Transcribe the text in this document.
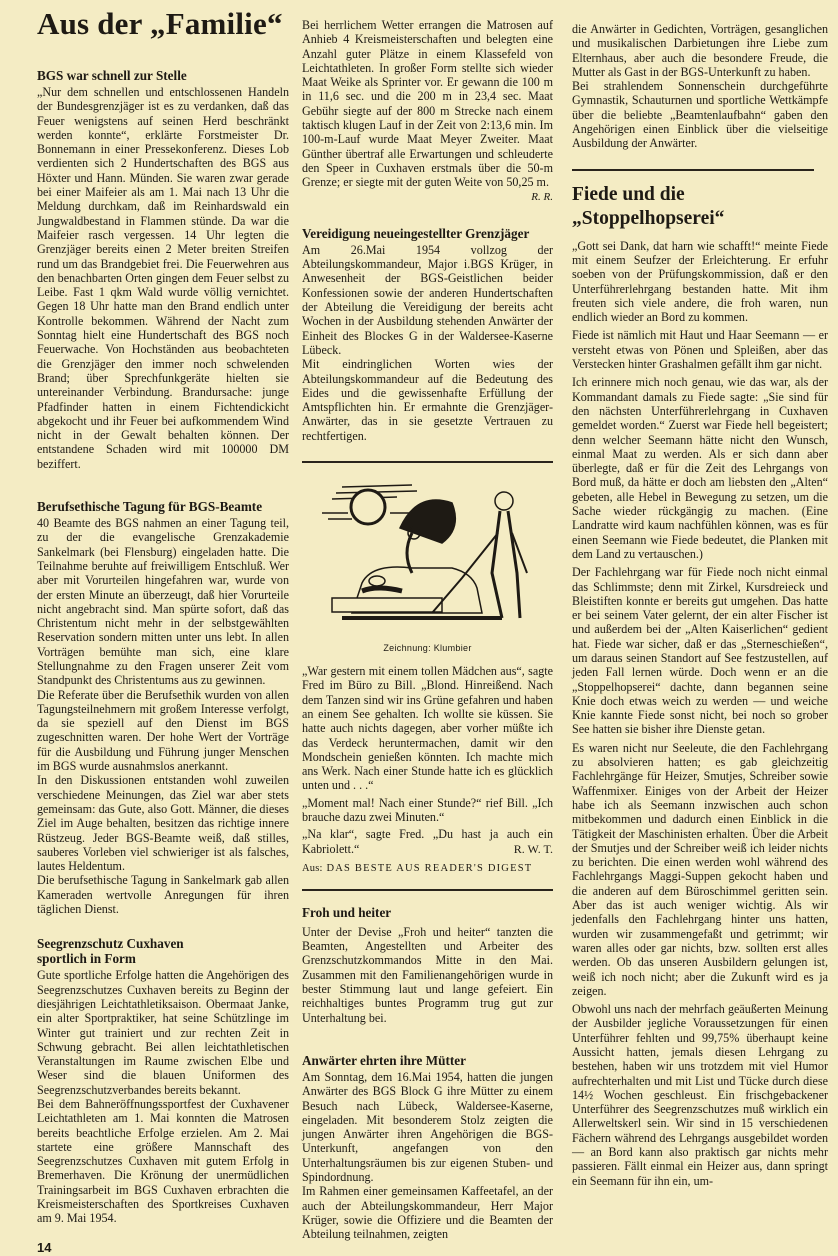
Aus der „Familie“
BGS war schnell zur Stelle

„Nur dem schnellen und entschlossenen Handeln der Bundesgrenzjäger ist es zu verdanken, daß das Feuer wenigstens auf seinen Herd beschränkt werden konnte“, erklärte Forstmeister Dr. Bonnemann in einer Pressekonferenz. Dieses Lob verdienten sich 2 Hundertschaften des BGS aus Höxter und Hann. Münden. Sie waren zwar gerade bei einer Maifeier als am 1. Mai nach 13 Uhr die Meldung durchkam, daß im Reinhardswald ein Jungwaldbestand in Flammen stünde. Da war die Maifeier rasch vergessen. 14 Uhr legten die Grenzjäger bereits einen 2 Meter breiten Streifen rund um das Brandgebiet frei. Die Feuerwehren aus den benachbarten Orten gingen dem Feuer selbst zu Leibe. Fast 1 qkm Wald wurde völlig vernichtet. Gegen 18 Uhr hatte man den Brand endlich unter Kontrolle bekommen. Während der Nacht zum Sonntag hielt eine Hundertschaft des BGS noch Feuerwache. Von Hochständen aus beobachteten die Grenzjäger den immer noch schwelenden Brand; über Sprechfunkgeräte hielten sie untereinander Verbindung. Brandursache: junge Pfadfinder hatten in einem Fichtendickicht abgekocht und ihr Feuer bei aufkommendem Wind nicht in der Gewalt behalten können. Der entstandene Schaden wird mit 100000 DM beziffert.

Berufsethische Tagung für BGS-Beamte

40 Beamte des BGS nahmen an einer Tagung teil, zu der die evangelische Grenzakademie Sankelmark (bei Flensburg) eingeladen hatte. Die Teilnahme beruhte auf freiwilligem Entschluß. Wer aber mit Vorurteilen hingefahren war, wurde von der ersten Minute an überzeugt, daß hier Vorurteile nicht angebracht sind. Man spürte sofort, daß das Christentum nicht mehr in der selbstgewählten Reservation sondern mitten unter uns lebt. In allen Vorträgen bemühte man sich, eine klare Stellungnahme zu den Fragen unserer Zeit vom Standpunkt des Christentums aus zu gewinnen.

Die Referate über die Berufsethik wurden von allen Tagungsteilnehmern mit großem Interesse verfolgt, da sie speziell auf den Dienst im BGS zugeschnitten waren. Der hohe Wert der Vorträge für die Ausbildung und Führung junger Menschen im BGS wurde ausnahmslos anerkannt.

In den Diskussionen entstanden wohl zuweilen verschiedene Meinungen, das Ziel war aber stets gemeinsam: das Gute, also Gott. Männer, die dieses Ziel im Auge behalten, besitzen das richtige innere Rüstzeug. Jeder BGS-Beamte weiß, daß stilles, sauberes Vorleben viel schwieriger ist als falsches, lautes Heldentum.

Die berufsethische Tagung in Sankelmark gab allen Kameraden wertvolle Anregungen für ihren täglichen Dienst.

Seegrenzschutz Cuxhaven
sportlich in Form

Gute sportliche Erfolge hatten die Angehörigen des Seegrenzschutzes Cuxhaven bereits zu Beginn der diesjährigen Leichtathletiksaison. Obermaat Janke, ein alter Sportpraktiker, hat seine Schützlinge im Winter gut trainiert und zur rechten Zeit in Schwung gebracht. Bei allen leichtathletischen Veranstaltungen im Raume zwischen Elbe und Weser sind die blauen Uniformen des Seegrenzschutzverbandes bereits bekannt.

Bei dem Bahneröffnungssportfest der Cuxhavener Leichtathleten am 1. Mai konnten die Matrosen bereits beachtliche Erfolge erzielen. Am 2. Mai startete eine größere Mannschaft des Seegrenzschutzes Cuxhaven mit gutem Erfolg in Bremerhaven. Die Krönung der unermüdlichen Trainingsarbeit im BGS Cuxhaven erbrachten die Kreismeisterschaften des Sportkreises Cuxhaven am 9. Mai 1954.

14

Bei herrlichem Wetter errangen die Matrosen auf Anhieb 4 Kreismeisterschaften und belegten eine Anzahl guter Plätze in einem Klassefeld von Leichtathleten. In großer Form stellte sich wieder Maat Weike als Sprinter vor. Er gewann die 100 m in 11,6 sec. und die 200 m in 23,4 sec. Maat Gebühr siegte auf der 800 m Strecke nach einem taktisch klugen Lauf in der Zeit von 2:13,6 min. Im 100-m-Lauf wurde Maat Meyer Zweiter. Maat Günther übertraf alle Erwartungen und schleuderte den Speer in Cuxhaven erstmals über die 50-m Grenze; er siegte mit der guten Weite von 50,25 m.
R. R.

Vereidigung neueingestellter Grenzjäger

Am 26.Mai 1954 vollzog der Abteilungskommandeur, Major i.BGS Krüger, in Anwesenheit der BGS-Geistlichen beider Konfessionen sowie der anderen Hundertschaften der Abteilung die Vereidigung der bereits acht Wochen in der Ausbildung stehenden Anwärter der Einheit des Blockes G in der Waldersee-Kaserne Lübeck.

Mit eindringlichen Worten wies der Abteilungskommandeur auf die Bedeutung des Eides und die gewissenhafte Erfüllung der Amtspflichten hin. Er ermahnte die Grenzjäger-Anwärter, das in sie gesetzte Vertrauen zu rechtfertigen.

Zeichnung: Klumbier

„War gestern mit einem tollen Mädchen aus“, sagte Fred im Büro zu Bill. „Blond. Hinreißend. Nach dem Tanzen sind wir ins Grüne gefahren und haben an einem See gehalten. Ich wollte sie küssen. Sie hatte auch nichts dagegen, aber vorher müßte ich das Verdeck heruntermachen, damit wir den Mondschein genießen könnten. Ich machte mich ans Werk. Nach einer Stunde hatte ich es glücklich unten und . . .“

„Moment mal! Nach einer Stunde?“ rief Bill. „Ich brauche dazu zwei Minuten.“

„Na klar“, sagte Fred. „Du hast ja auch ein Kabriolett.“	R. W. T.

Aus: DAS BESTE AUS READER'S DIGEST
Froh und heiter

Unter der Devise „Froh und heiter“ tanzten die Beamten, Angestellten und Arbeiter des Grenzschutzkommandos Mitte in den Mai. Zusammen mit den Familienangehörigen wurde in bester Stimmung laut und lange gefeiert. Ein reichhaltiges buntes Programm trug gut zur Unterhaltung bei.

Anwärter ehrten ihre Mütter

Am Sonntag, dem 16.Mai 1954, hatten die jungen Anwärter des BGS Block G ihre Mütter zu einem Besuch nach Lübeck, Waldersee-Kaserne, eingeladen. Mit besonderem Stolz zeigten die jungen Anwärter ihren Angehörigen die BGS-Unterkunft, angefangen von den Unterhaltungsräumen bis zur eigenen Stuben- und Spindordnung.

Im Rahmen einer gemeinsamen Kaffeetafel, an der auch der Abteilungskommandeur, Herr Major Krüger, sowie die Offiziere und die Beamten der Abteilung teilnahmen, zeigten

die Anwärter in Gedichten, Vorträgen, gesanglichen und musikalischen Darbietungen ihre Liebe zum Elternhaus, aber auch die besondere Freude, die Mutter als Gast in der BGS-Unterkunft zu haben.

Bei strahlendem Sonnenschein durchgeführte Gymnastik, Schauturnen und sportliche Wettkämpfe über die beliebte „Beamtenlaufbahn“ gaben den Angehörigen einen Einblick über die vielseitige Ausbildung der Anwärter.

Fiede und die
„Stoppelhopserei“

„Gott sei Dank, dat harn wie schafft!“ meinte Fiede mit einem Seufzer der Erleichterung. Er erfuhr soeben von der Prüfungskommission, daß er den Unterführerlehrgang bestanden hatte. Mit ihm freuten sich viele andere, die froh waren, nun endlich wieder an Bord zu kommen.

Fiede ist nämlich mit Haut und Haar Seemann — er versteht etwas von Pönen und Spleißen, aber das Verstecken hinter Grashalmen gefällt ihm gar nicht.

Ich erinnere mich noch genau, wie das war, als der Kommandant damals zu Fiede sagte: „Sie sind für den nächsten Unterführerlehrgang in Cuxhaven gemeldet worden.“ Zuerst war Fiede hell begeistert; denn welcher Seemann hätte nicht den Wunsch, einmal Maat zu werden. Als er sich dann aber überlegte, daß er für die Zeit des Lehrgangs von Bord muß, da hätte er doch am liebsten den „Alten“ gebeten, alle Hebel in Bewegung zu setzen, um die Sache wieder rückgängig zu machen. (Eine Landratte wird kaum nachfühlen können, was es für einen Seemann wie Fiede bedeutet, die Planken mit dem Land zu vertauschen.)

Der Fachlehrgang war für Fiede noch nicht einmal das Schlimmste; denn mit Zirkel, Kursdreieck und Bleistiften konnte er bereits gut umgehen. Das hatte er bei seinem Vater gelernt, der ein alter Fischer ist und außerdem bei der „Alten Kaiserlichen“ gedient hat. Fiede war sicher, daß er das „Sterneschießen“, um daraus seinen Standort auf See festzustellen, auf jeden Fall lernen würde. Doch wenn er an die „Stoppelhopserei“ dachte, dann begannen seine Knie doch etwas weich zu werden — und weiche Knie kannte Fiede sonst nicht, bei noch so grober See hatten sie bisher ihre Dienste getan.

Es waren nicht nur Seeleute, die den Fachlehrgang zu absolvieren hatten; es gab gleichzeitig Fachlehrgänge für Heizer, Smutjes, Schreiber sowie Waffenmixer. Einiges von der Arbeit der Heizer habe ich als Seemann inzwischen auch schon mitbekommen und dadurch einen Einblick in die Tätigkeit der Maschinisten erhalten. Über die Arbeit der Smutjes und der Schreiber weiß ich leider nichts zu berichten. Die einen werden wohl während des Fachlehrgangs Maggi-Suppen gekocht haben und die anderen auf dem Büroschimmel geritten sein. Aber das ist auch weniger wichtig. Als wir jedenfalls den Fachlehrgang hinter uns hatten, wurden wir zusammengefaßt und getrimmt; wir waren alles oder gar nichts, bzw. sollten erst alles werden. Ob das unseren Ausbildern gelungen ist, weiß ich noch nicht; aber die Zukunft wird es ja zeigen.

Obwohl uns nach der mehrfach geäußerten Meinung der Ausbilder jegliche Voraussetzungen für einen Unterführer fehlten und 99,75% überhaupt keine Aussicht hatten, jemals diesen Lehrgang zu bestehen, haben wir uns trotzdem mit viel Humor aufrechterhalten und mit List und Tücke durch diese 14½ Wochen geschleust. Ein frischgebackener Unterführer des Seegrenzschutzes muß wirklich ein Allerweltskerl sein. Wir sind in 15 verschiedenen Fächern während des Lehrgangs ausgebildet worden — an Bord kann also praktisch gar nichts mehr passieren. Fällt einmal ein Heizer aus, dann springt ein Seemann für ihn ein, um-
